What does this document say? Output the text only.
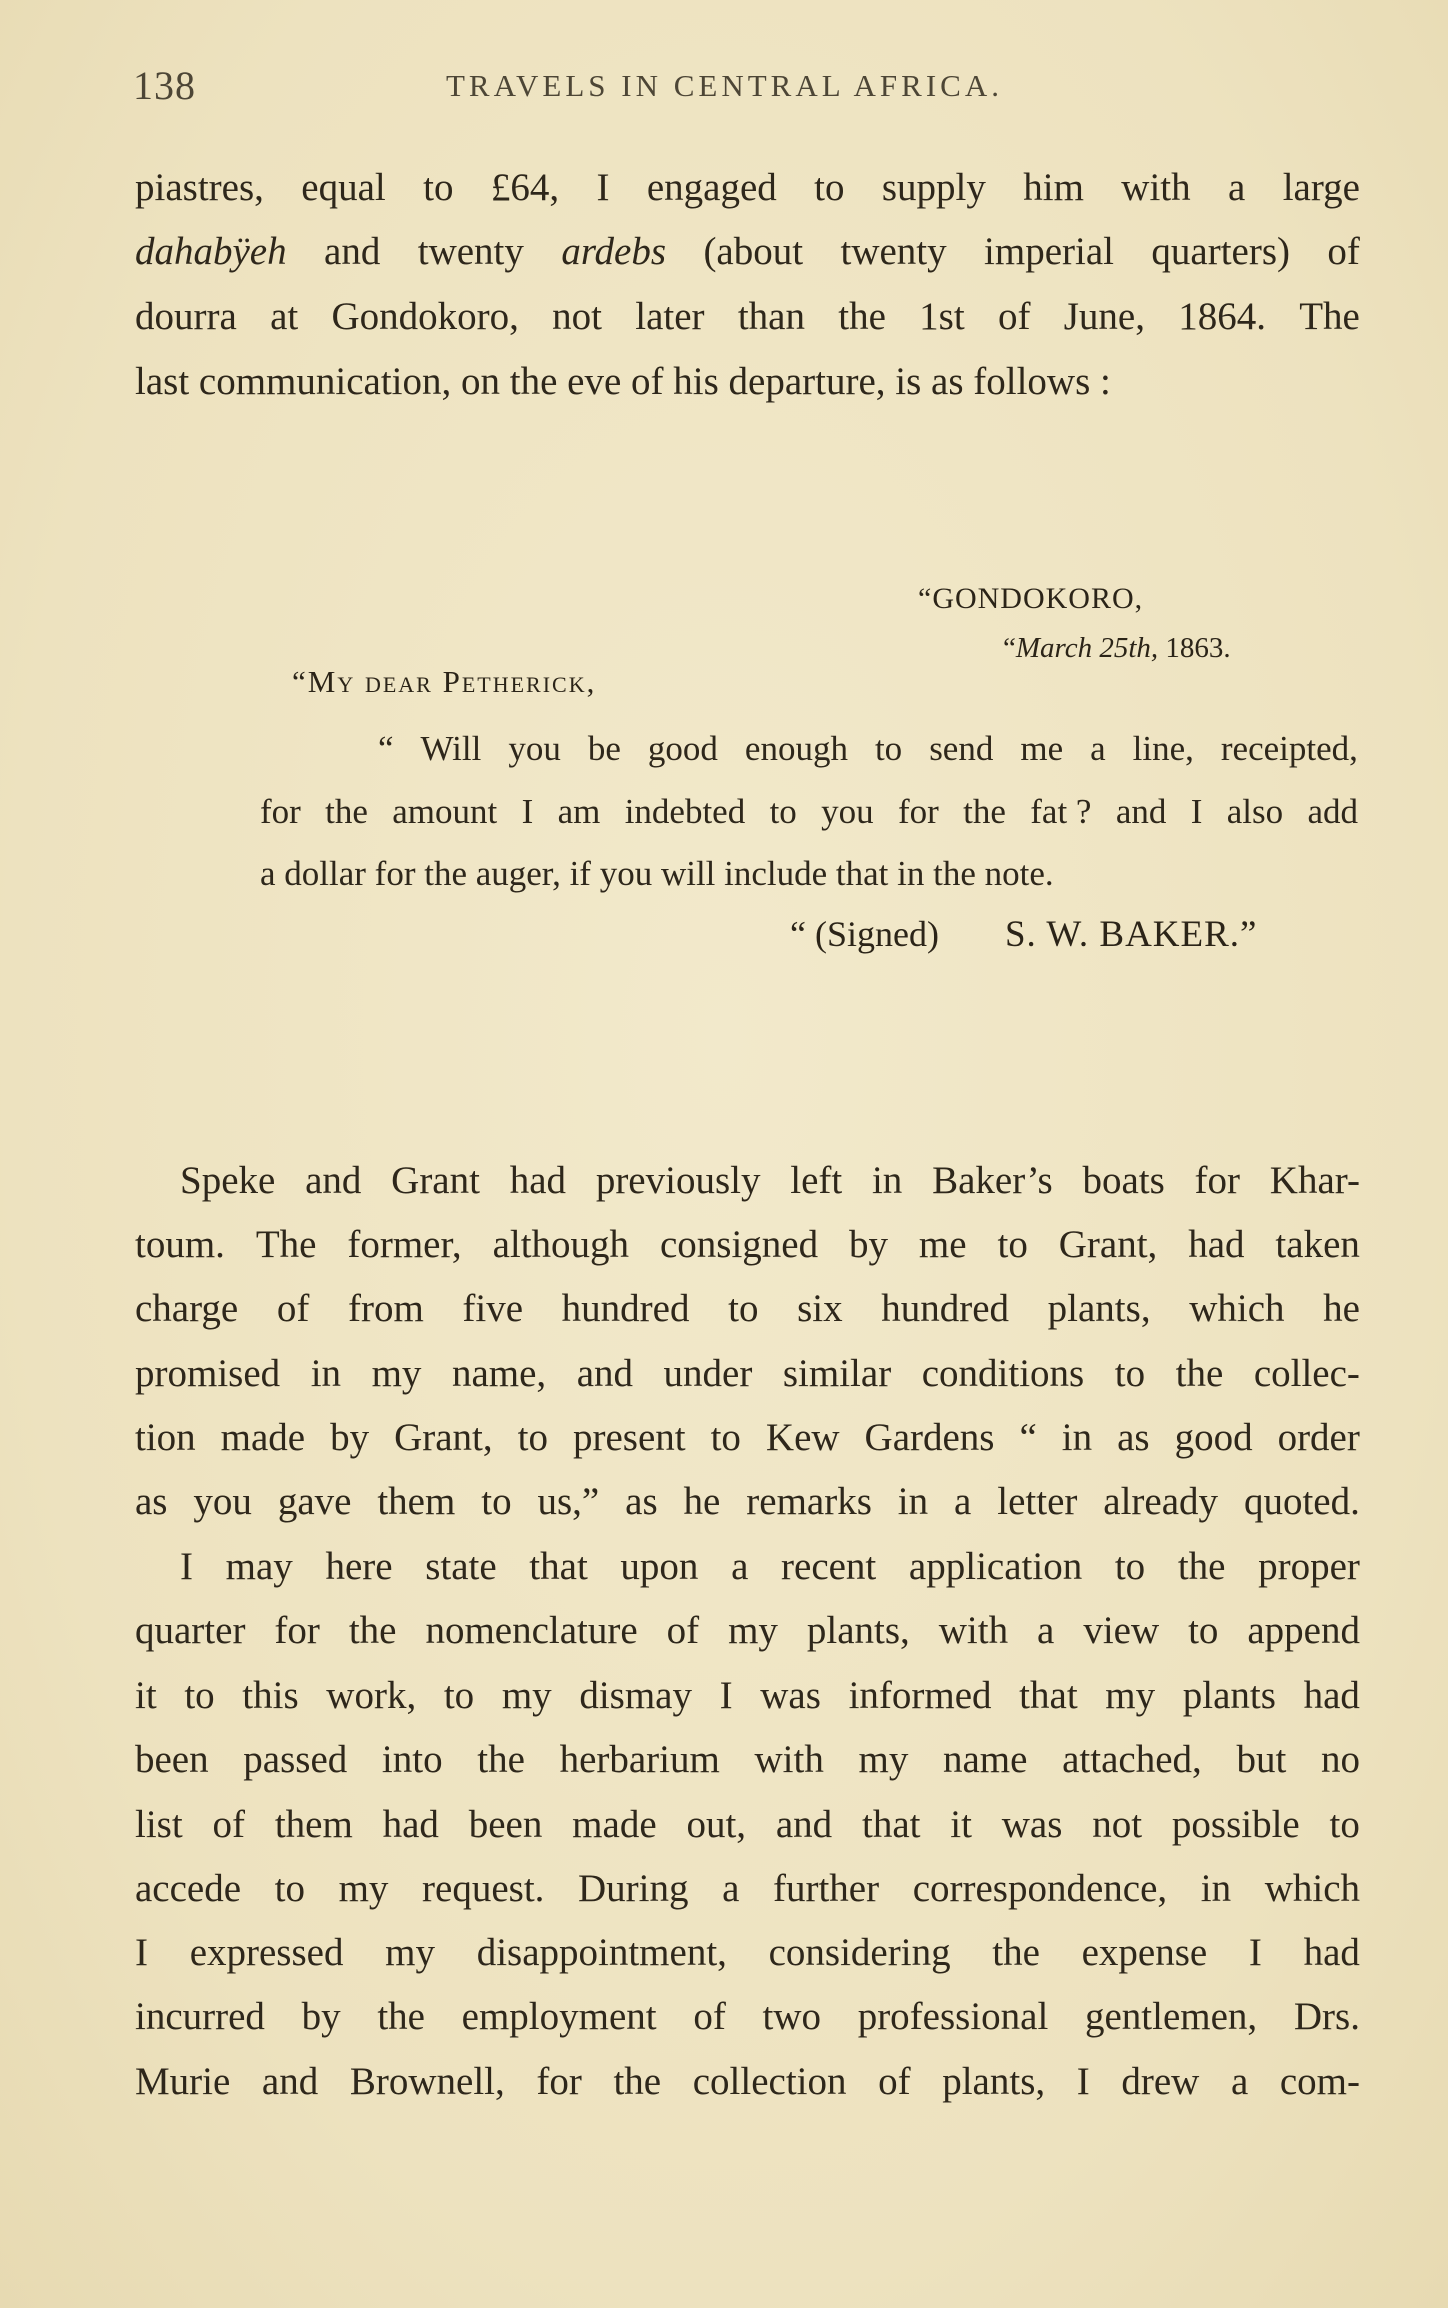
138	TRAVELS IN CENTRAL AFRICA.
piastres, equal to £64, I engaged to supply him with a large
dahabÿeh and twenty ardebs (about twenty imperial quarters) of
dourra at Gondokoro, not later than the 1st of June, 1864. The
last communication, on the eve of his departure, is as follows :
“GONDOKORO,
“March 25th, 1863.
“My dear Petherick,
“ Will you be good enough to send me a line, receipted,
for the amount I am indebted to you for the fat ? and I also add
a dollar for the auger, if you will include that in the note.
“ (Signed) S. W. BAKER.”
Speke and Grant had previously left in Baker’s boats for Khar-
toum. The former, although consigned by me to Grant, had taken
charge of from five hundred to six hundred plants, which he
promised in my name, and under similar conditions to the collec-
tion made by Grant, to present to Kew Gardens “ in as good order
as you gave them to us,” as he remarks in a letter already quoted.
I may here state that upon a recent application to the proper
quarter for the nomenclature of my plants, with a view to append
it to this work, to my dismay I was informed that my plants had
been passed into the herbarium with my name attached, but no
list of them had been made out, and that it was not possible to
accede to my request. During a further correspondence, in which
I expressed my disappointment, considering the expense I had
incurred by the employment of two professional gentlemen, Drs.
Murie and Brownell, for the collection of plants, I drew a com-
